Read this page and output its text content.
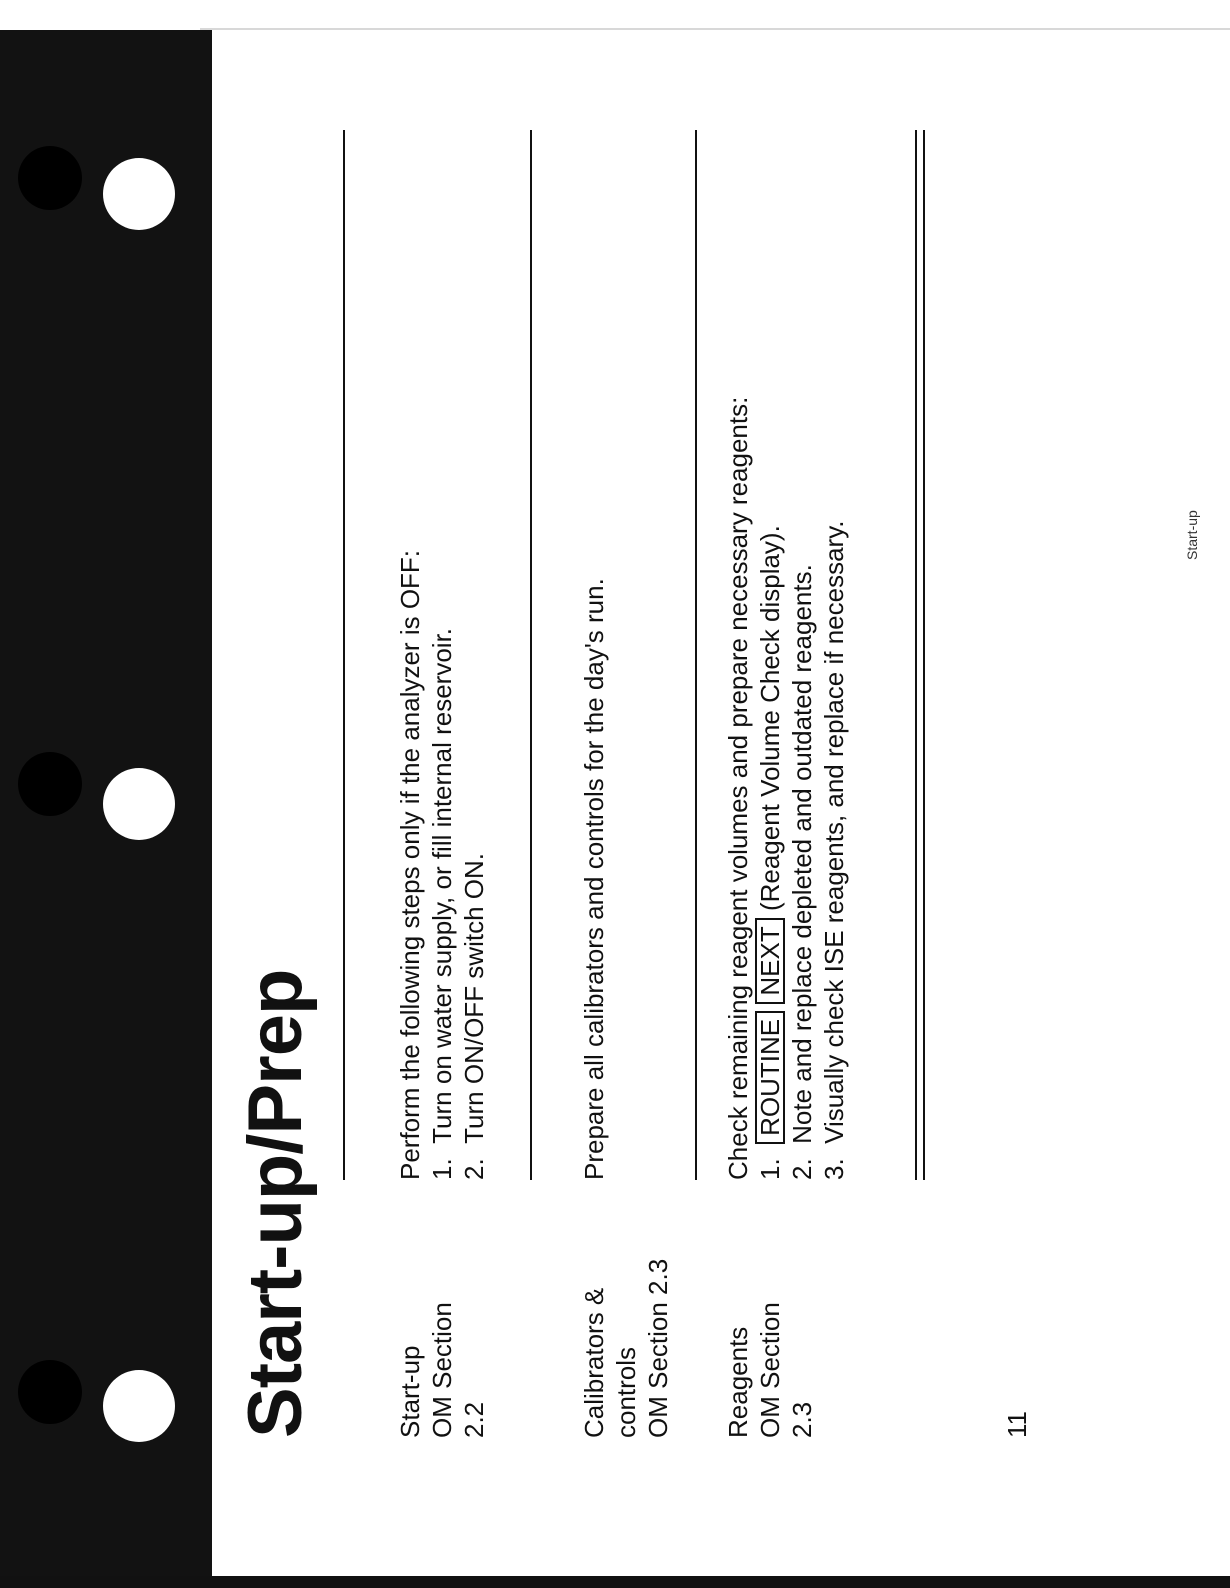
Start-up/Prep	Start-up OM Section 2.2
Perform the following steps only if the analyzer is OFF: 1.  Turn on water supply, or fill internal reservoir.
2.  Turn ON/OFF switch ON.
Calibrators & controls OM Section 2.3
Prepare all calibrators and controls for the day's run.
Reagents OM Section 2.3
Check remaining reagent volumes and prepare necessary reagents: 1.  ROUTINE NEXT (Reagent Volume Check display).
2.  Note and replace depleted and outdated reagents.
3.  Visually check ISE reagents, and replace if necessary.
11
Start-up
